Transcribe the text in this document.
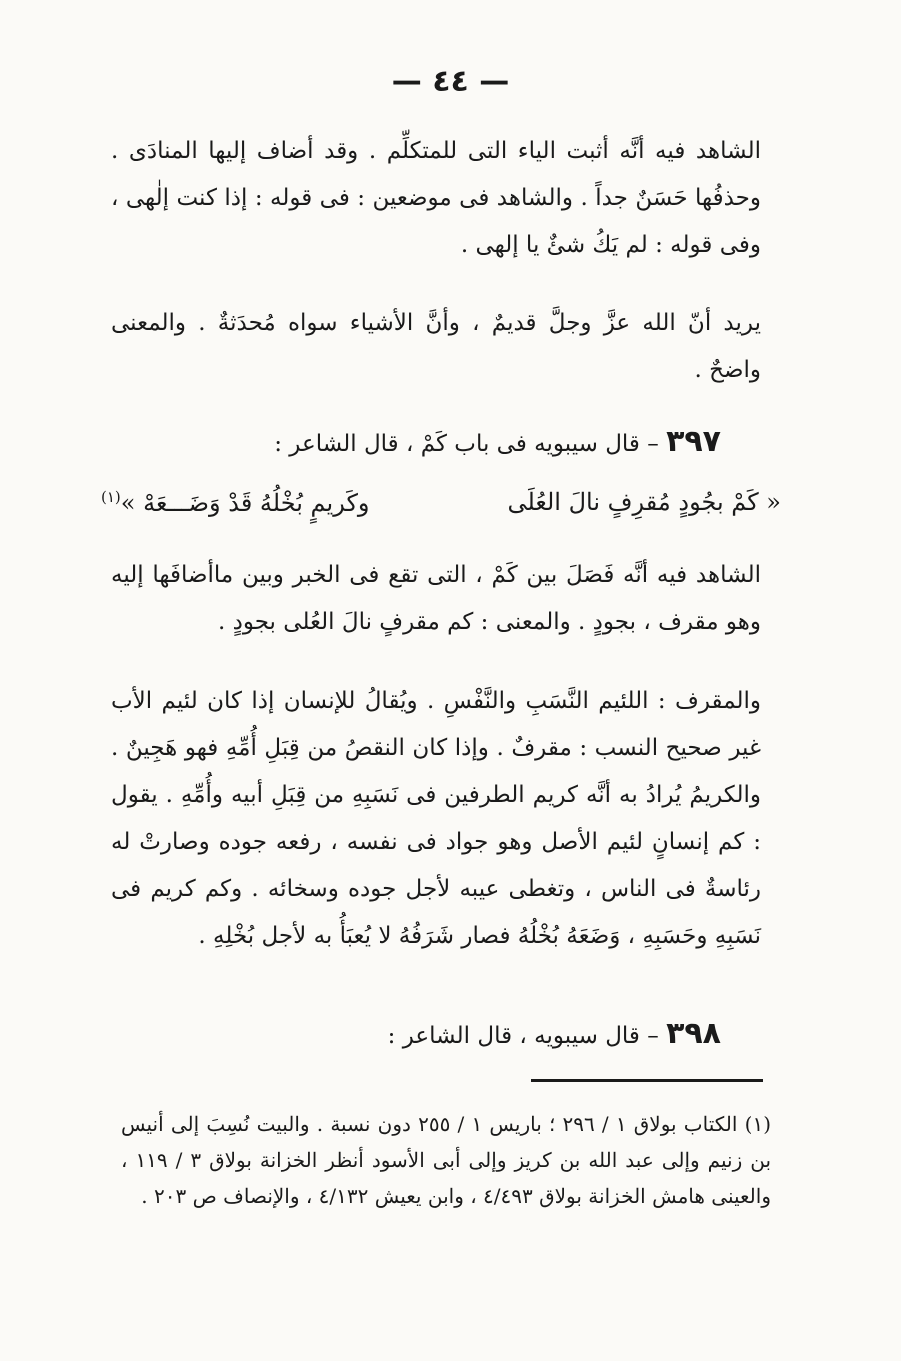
— ٤٤ —
الشاهد فيه أنَّه أثبت الياء التى للمتكلِّم . وقد أضاف إليها المنادَى . وحذفُها حَسَنٌ جداً . والشاهد فى موضعين : فى قوله : إذا كنت إلٰهى ، وفى قوله : لم يَكُ شئٌ يا إلهى .
يريد أنّ الله عزَّ وجلَّ قديمٌ ، وأنَّ الأشياء سواه مُحدَثةٌ . والمعنى واضحٌ .
٣٩٧ – قال سيبويه فى باب كَمْ ، قال الشاعر :
« كَمْ بجُودٍ مُقرِفٍ نالَ العُلَى
وكَريمٍ بُخْلُهُ قَدْ وَضَـــعَهْ »$^{(١)}$
الشاهد فيه أنَّه فَصَلَ بين كَمْ ، التى تقع فى الخبر وبين ماأضافَها إليه وهو مقرف ، بجودٍ . والمعنى : كم مقرفٍ نالَ العُلى بجودٍ .
والمقرف : اللئيم النَّسَبِ والنَّفْسِ . ويُقالُ للإنسان إذا كان لئيم الأب غير صحيح النسب : مقرفٌ . وإذا كان النقصُ من قِبَلِ أُمِّهِ فهو هَجِينٌ . والكريمُ يُرادُ به أنَّه كريم الطرفين فى نَسَبِهِ من قِبَلِ أبيه وأُمِّهِ . يقول : كم إنسانٍ لئيم الأصل وهو جواد فى نفسه ، رفعه جوده وصارتْ له رئاسةٌ فى الناس ، وتغطى عيبه لأجل جوده وسخائه . وكم كريم فى نَسَبِهِ وحَسَبِهِ ، وَضَعَهُ بُخْلُهُ فصار شَرَفُهُ لا يُعبَأُ به لأجل بُخْلِهِ .
٣٩٨ – قال سيبويه ، قال الشاعر :
(١) الكتاب بولاق ١ / ٢٩٦ ؛ باريس ١ / ٢٥٥ دون نسبة . والبيت نُسِبَ إلى أنيس بن زنيم وإلى عبد الله بن كريز وإلى أبى الأسود أنظر الخزانة بولاق ٣ / ١١٩ ، والعينى هامش الخزانة بولاق ٤/٤٩٣ ، وابن يعيش ٤/١٣٢ ، والإنصاف ص ٢٠٣ .
